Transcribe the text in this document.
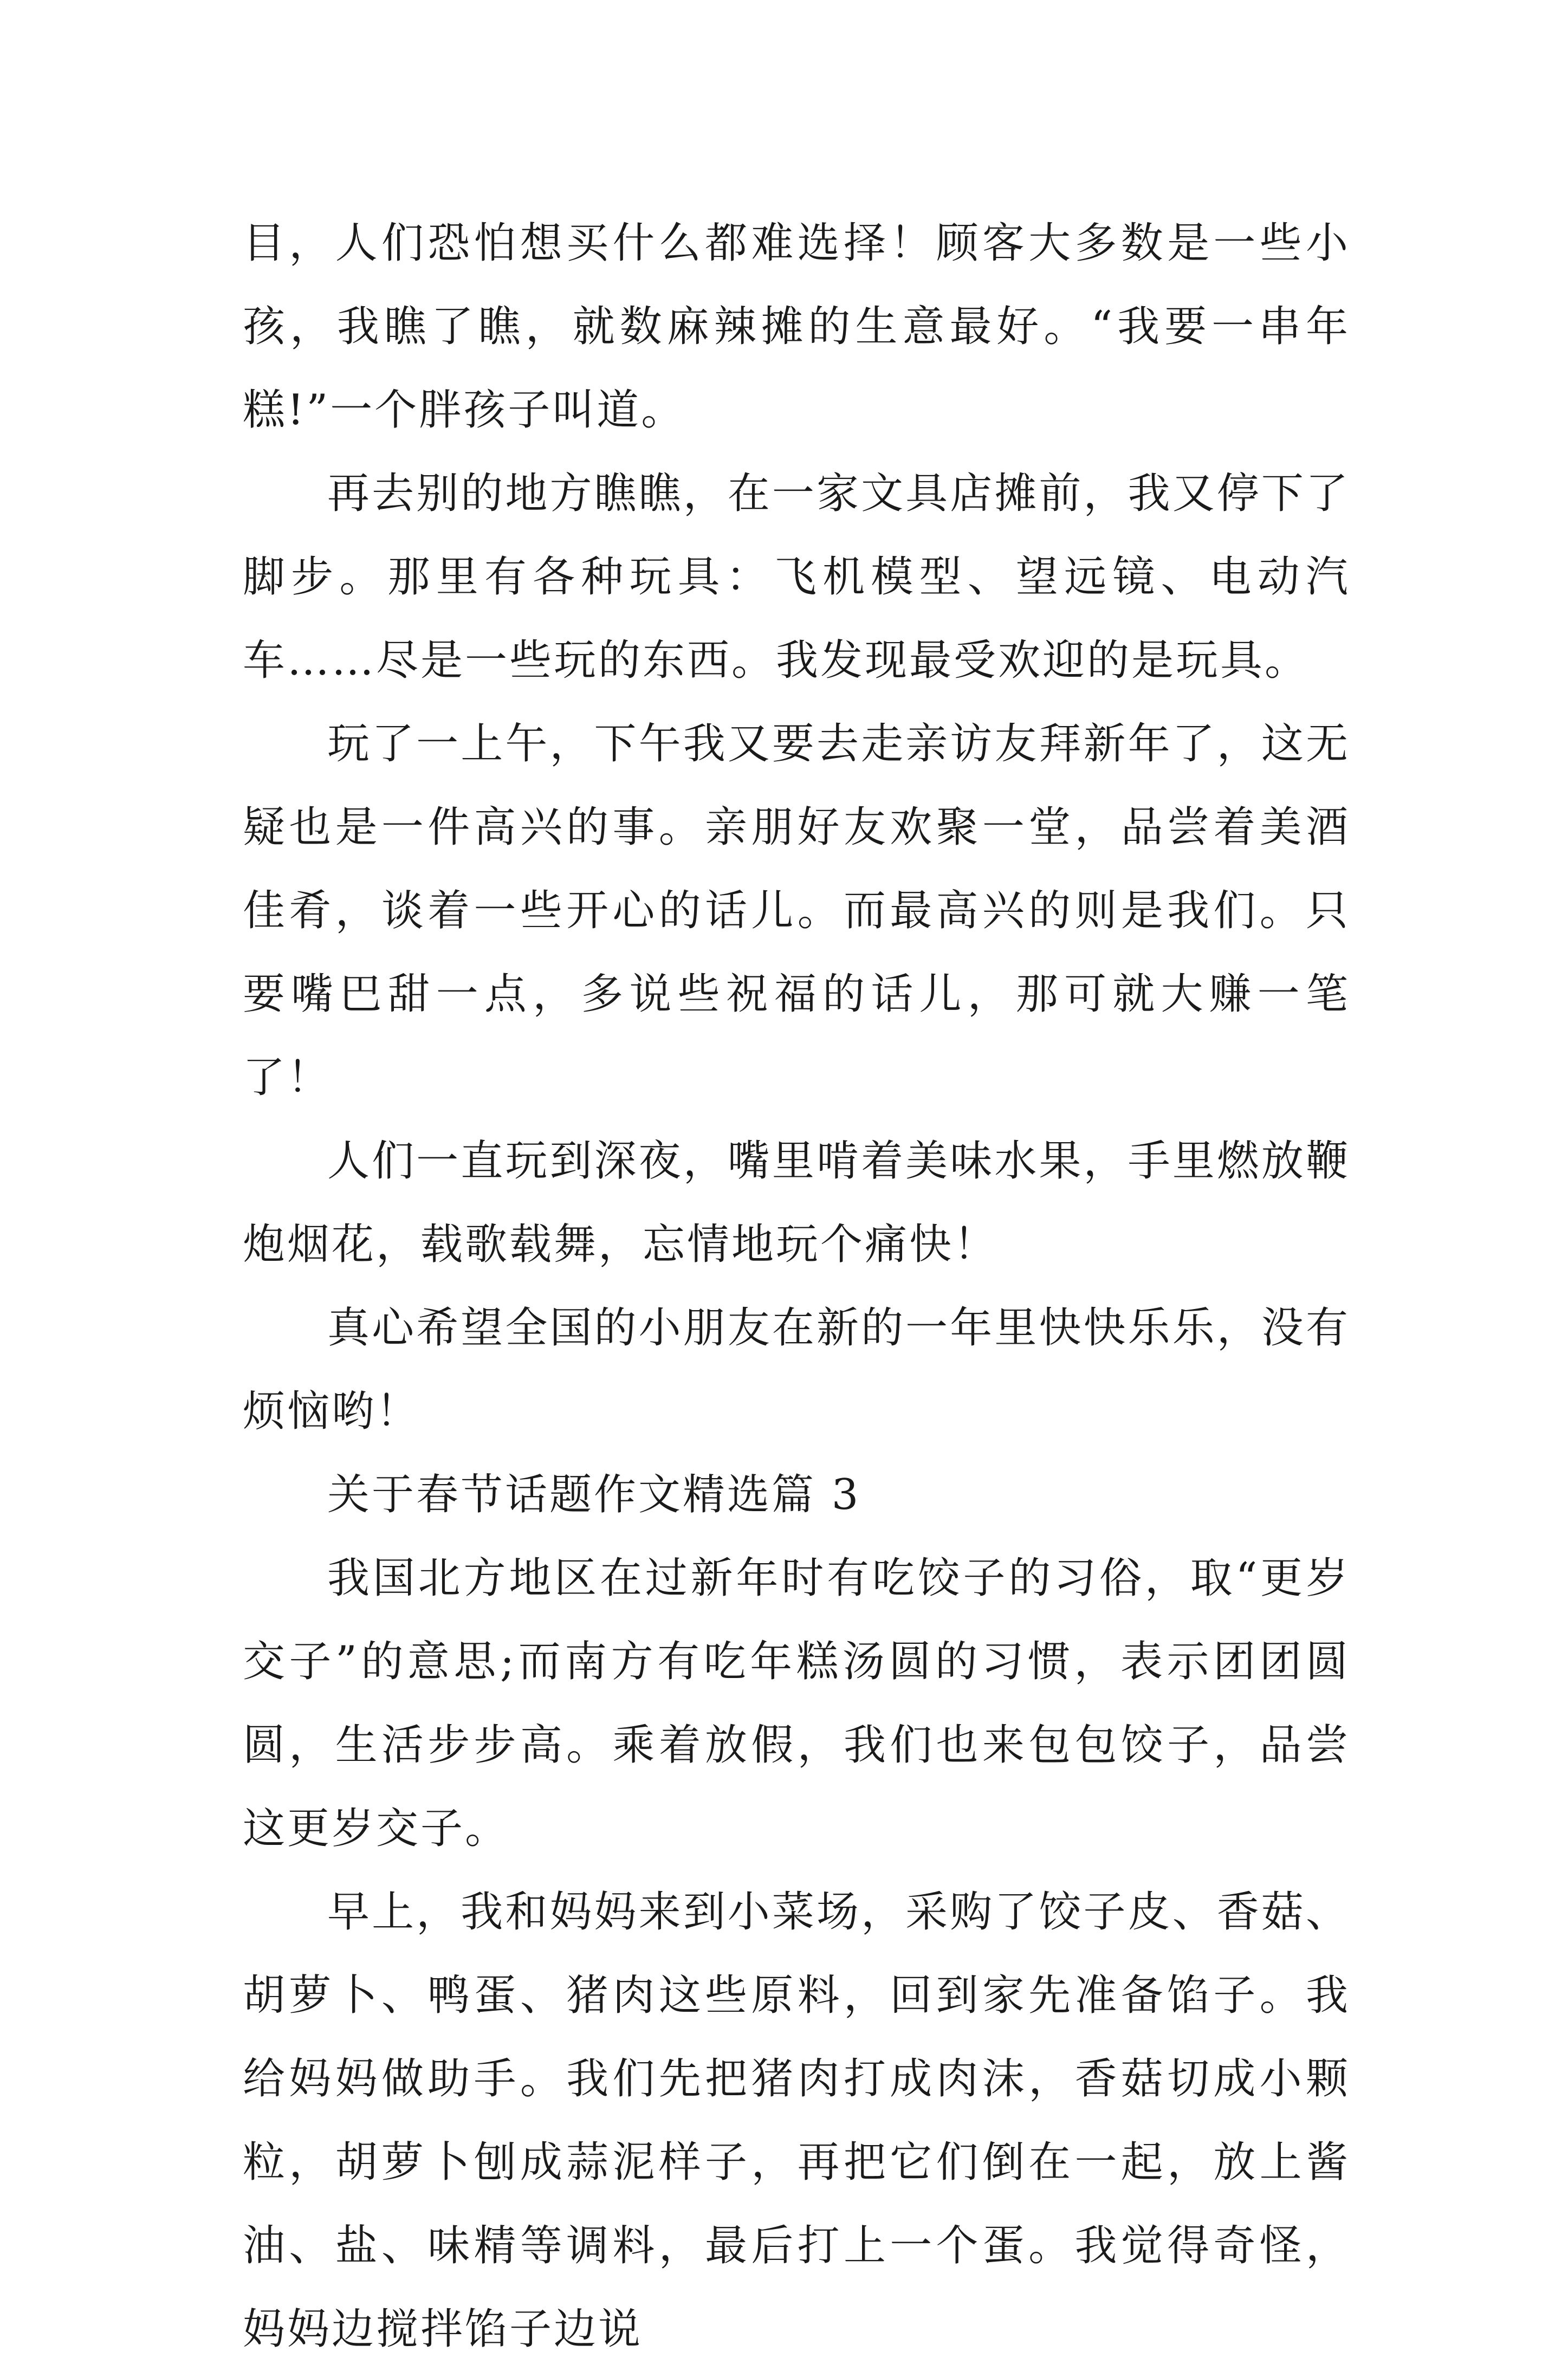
目，人们恐怕想买什么都难选择！顾客大多数是一些小孩，我瞧了瞧，就数麻辣摊的生意最好。“我要一串年糕!”一个胖孩子叫道。

再去别的地方瞧瞧，在一家文具店摊前，我又停下了脚步。那里有各种玩具：飞机模型、望远镜、电动汽车……尽是一些玩的东西。我发现最受欢迎的是玩具。

玩了一上午，下午我又要去走亲访友拜新年了，这无疑也是一件高兴的事。亲朋好友欢聚一堂，品尝着美酒佳肴，谈着一些开心的话儿。而最高兴的则是我们。只要嘴巴甜一点，多说些祝福的话儿，那可就大赚一笔了！

人们一直玩到深夜，嘴里啃着美味水果，手里燃放鞭炮烟花，载歌载舞，忘情地玩个痛快！

真心希望全国的小朋友在新的一年里快快乐乐，没有烦恼哟！

关于春节话题作文精选篇 3

我国北方地区在过新年时有吃饺子的习俗，取“更岁交子”的意思;而南方有吃年糕汤圆的习惯，表示团团圆圆，生活步步高。乘着放假，我们也来包包饺子，品尝这更岁交子。

早上，我和妈妈来到小菜场，采购了饺子皮、香菇、胡萝卜、鸭蛋、猪肉这些原料，回到家先准备馅子。我给妈妈做助手。我们先把猪肉打成肉沫，香菇切成小颗粒，胡萝卜刨成蒜泥样子，再把它们倒在一起，放上酱油、盐、味精等调料，最后打上一个蛋。我觉得奇怪，妈妈边搅拌馅子边说
